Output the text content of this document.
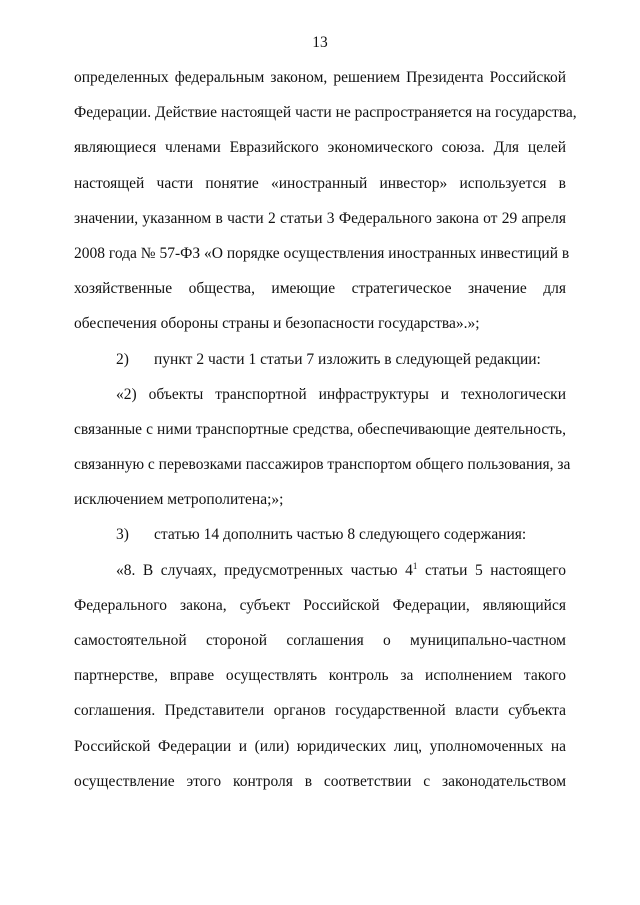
13
определенных федеральным законом, решением Президента Российской
Федерации. Действие настоящей части не распространяется на государства,
являющиеся членами Евразийского экономического союза. Для целей
настоящей части понятие «иностранный инвестор» используется в
значении, указанном в части 2 статьи 3 Федерального закона от 29 апреля
2008 года № 57-ФЗ «О порядке осуществления иностранных инвестиций в
хозяйственные общества, имеющие стратегическое значение для
обеспечения обороны страны и безопасности государства».»;
2) пункт 2 части 1 статьи 7 изложить в следующей редакции:
«2) объекты транспортной инфраструктуры и технологически
связанные с ними транспортные средства, обеспечивающие деятельность,
связанную с перевозками пассажиров транспортом общего пользования, за
исключением метрополитена;»;
3) статью 14 дополнить частью 8 следующего содержания:
«8. В случаях, предусмотренных частью $4^1$ статьи 5 настоящего
Федерального закона, субъект Российской Федерации, являющийся
самостоятельной стороной соглашения о муниципально-частном
партнерстве, вправе осуществлять контроль за исполнением такого
соглашения. Представители органов государственной власти субъекта
Российской Федерации и (или) юридических лиц, уполномоченных на
осуществление этого контроля в соответствии с законодательством
